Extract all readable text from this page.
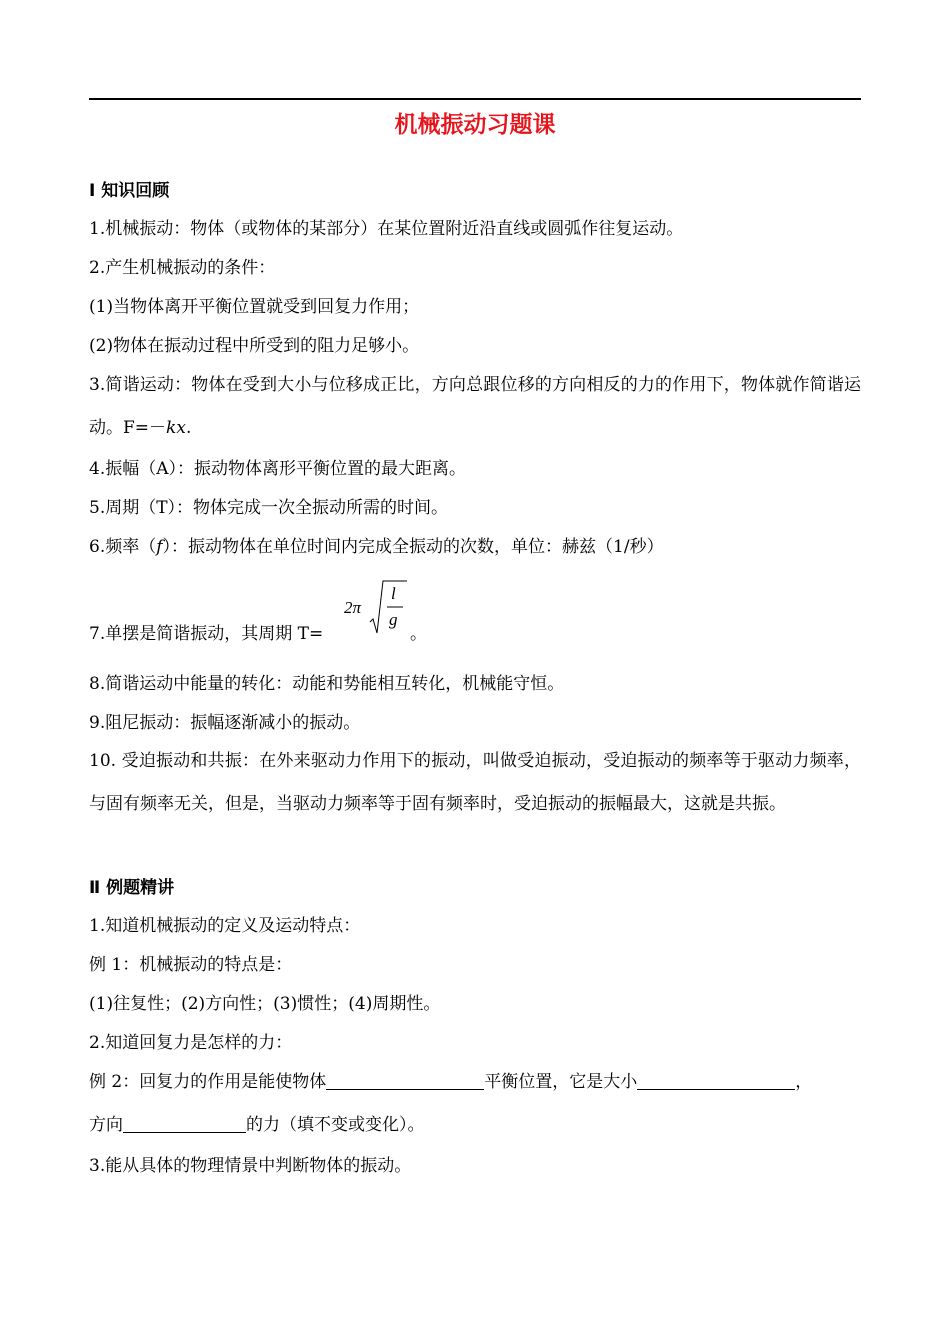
机械振动习题课
Ⅰ 知识回顾
1.机械振动：物体（或物体的某部分）在某位置附近沿直线或圆弧作往复运动。
2.产生机械振动的条件：
(1)当物体离开平衡位置就受到回复力作用；
(2)物体在振动过程中所受到的阻力足够小。
3.简谐运动：物体在受到大小与位移成正比，方向总跟位移的方向相反的力的作用下，物体就作简谐运动。F=－kx.
4.振幅（A）：振动物体离形平衡位置的最大距离。
5.周期（T）：物体完成一次全振动所需的时间。
6.频率（f）：振动物体在单位时间内完成全振动的次数，单位：赫兹（1/秒）
7.单摆是简谐振动，其周期 T=
2π
l
g
。
8.简谐运动中能量的转化：动能和势能相互转化，机械能守恒。
9.阻尼振动：振幅逐渐减小的振动。
10. 受迫振动和共振：在外来驱动力作用下的振动，叫做受迫振动，受迫振动的频率等于驱动力频率，与固有频率无关，但是，当驱动力频率等于固有频率时，受迫振动的振幅最大，这就是共振。
Ⅱ 例题精讲
1.知道机械振动的定义及运动特点：
例 1：机械振动的特点是：
(1)往复性；(2)方向性；(3)惯性；(4)周期性。
2.知道回复力是怎样的力：
例 2：回复力的作用是能使物体	平衡位置，它是大小	，
方向	的力（填不变或变化）。
3.能从具体的物理情景中判断物体的振动。
